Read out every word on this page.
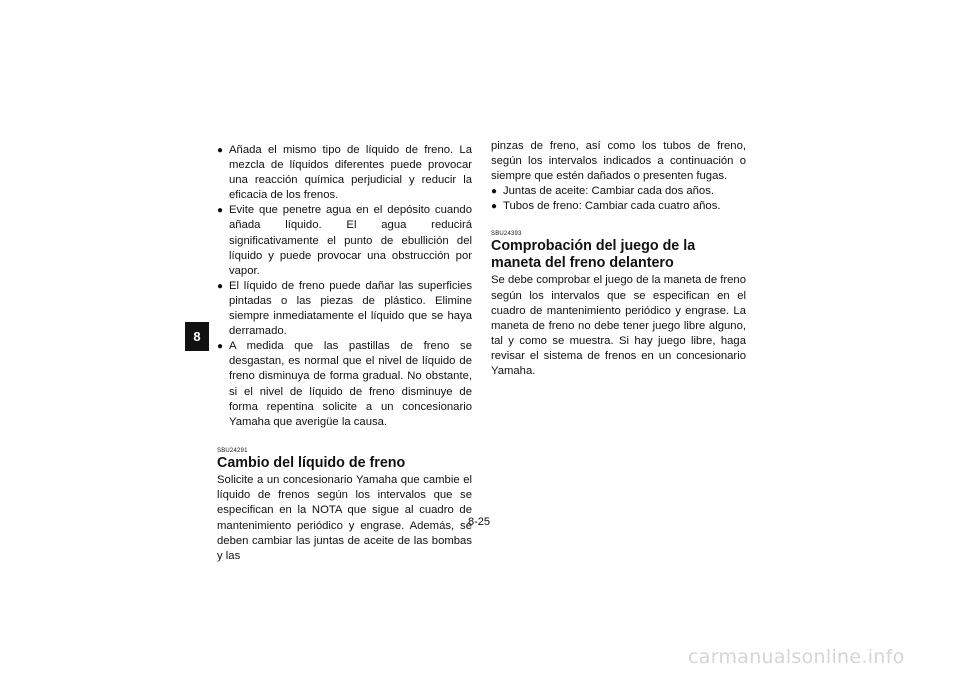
8
● Añada el mismo tipo de líquido de freno. La mezcla de líquidos diferentes puede provocar una reacción química perjudicial y reducir la eficacia de los frenos.
● Evite que penetre agua en el depósito cuando añada líquido. El agua reducirá significativamente el punto de ebullición del líquido y puede provocar una obstrucción por vapor.
● El líquido de freno puede dañar las superficies pintadas o las piezas de plástico. Elimine siempre inmediatamente el líquido que se haya derramado.
● A medida que las pastillas de freno se desgastan, es normal que el nivel de líquido de freno disminuya de forma gradual. No obstante, si el nivel de líquido de freno disminuye de forma repentina solicite a un concesionario Yamaha que averigüe la causa.

SBU24291

Cambio del líquido de freno

Solicite a un concesionario Yamaha que cambie el líquido de frenos según los intervalos que se especifican en la NOTA que sigue al cuadro de mantenimiento periódico y engrase. Además, se deben cambiar las juntas de aceite de las bombas y las

pinzas de freno, así como los tubos de freno, según los intervalos indicados a continuación o siempre que estén dañados o presenten fugas.

● Juntas de aceite: Cambiar cada dos años.
● Tubos de freno: Cambiar cada cuatro años.

SBU24393

Comprobación del juego de la maneta del freno delantero

Se debe comprobar el juego de la maneta de freno según los intervalos que se especifican en el cuadro de mantenimiento periódico y engrase. La maneta de freno no debe tener juego libre alguno, tal y como se muestra. Si hay juego libre, haga revisar el sistema de frenos en un concesionario Yamaha.

8-25
carmanualsonline.info
